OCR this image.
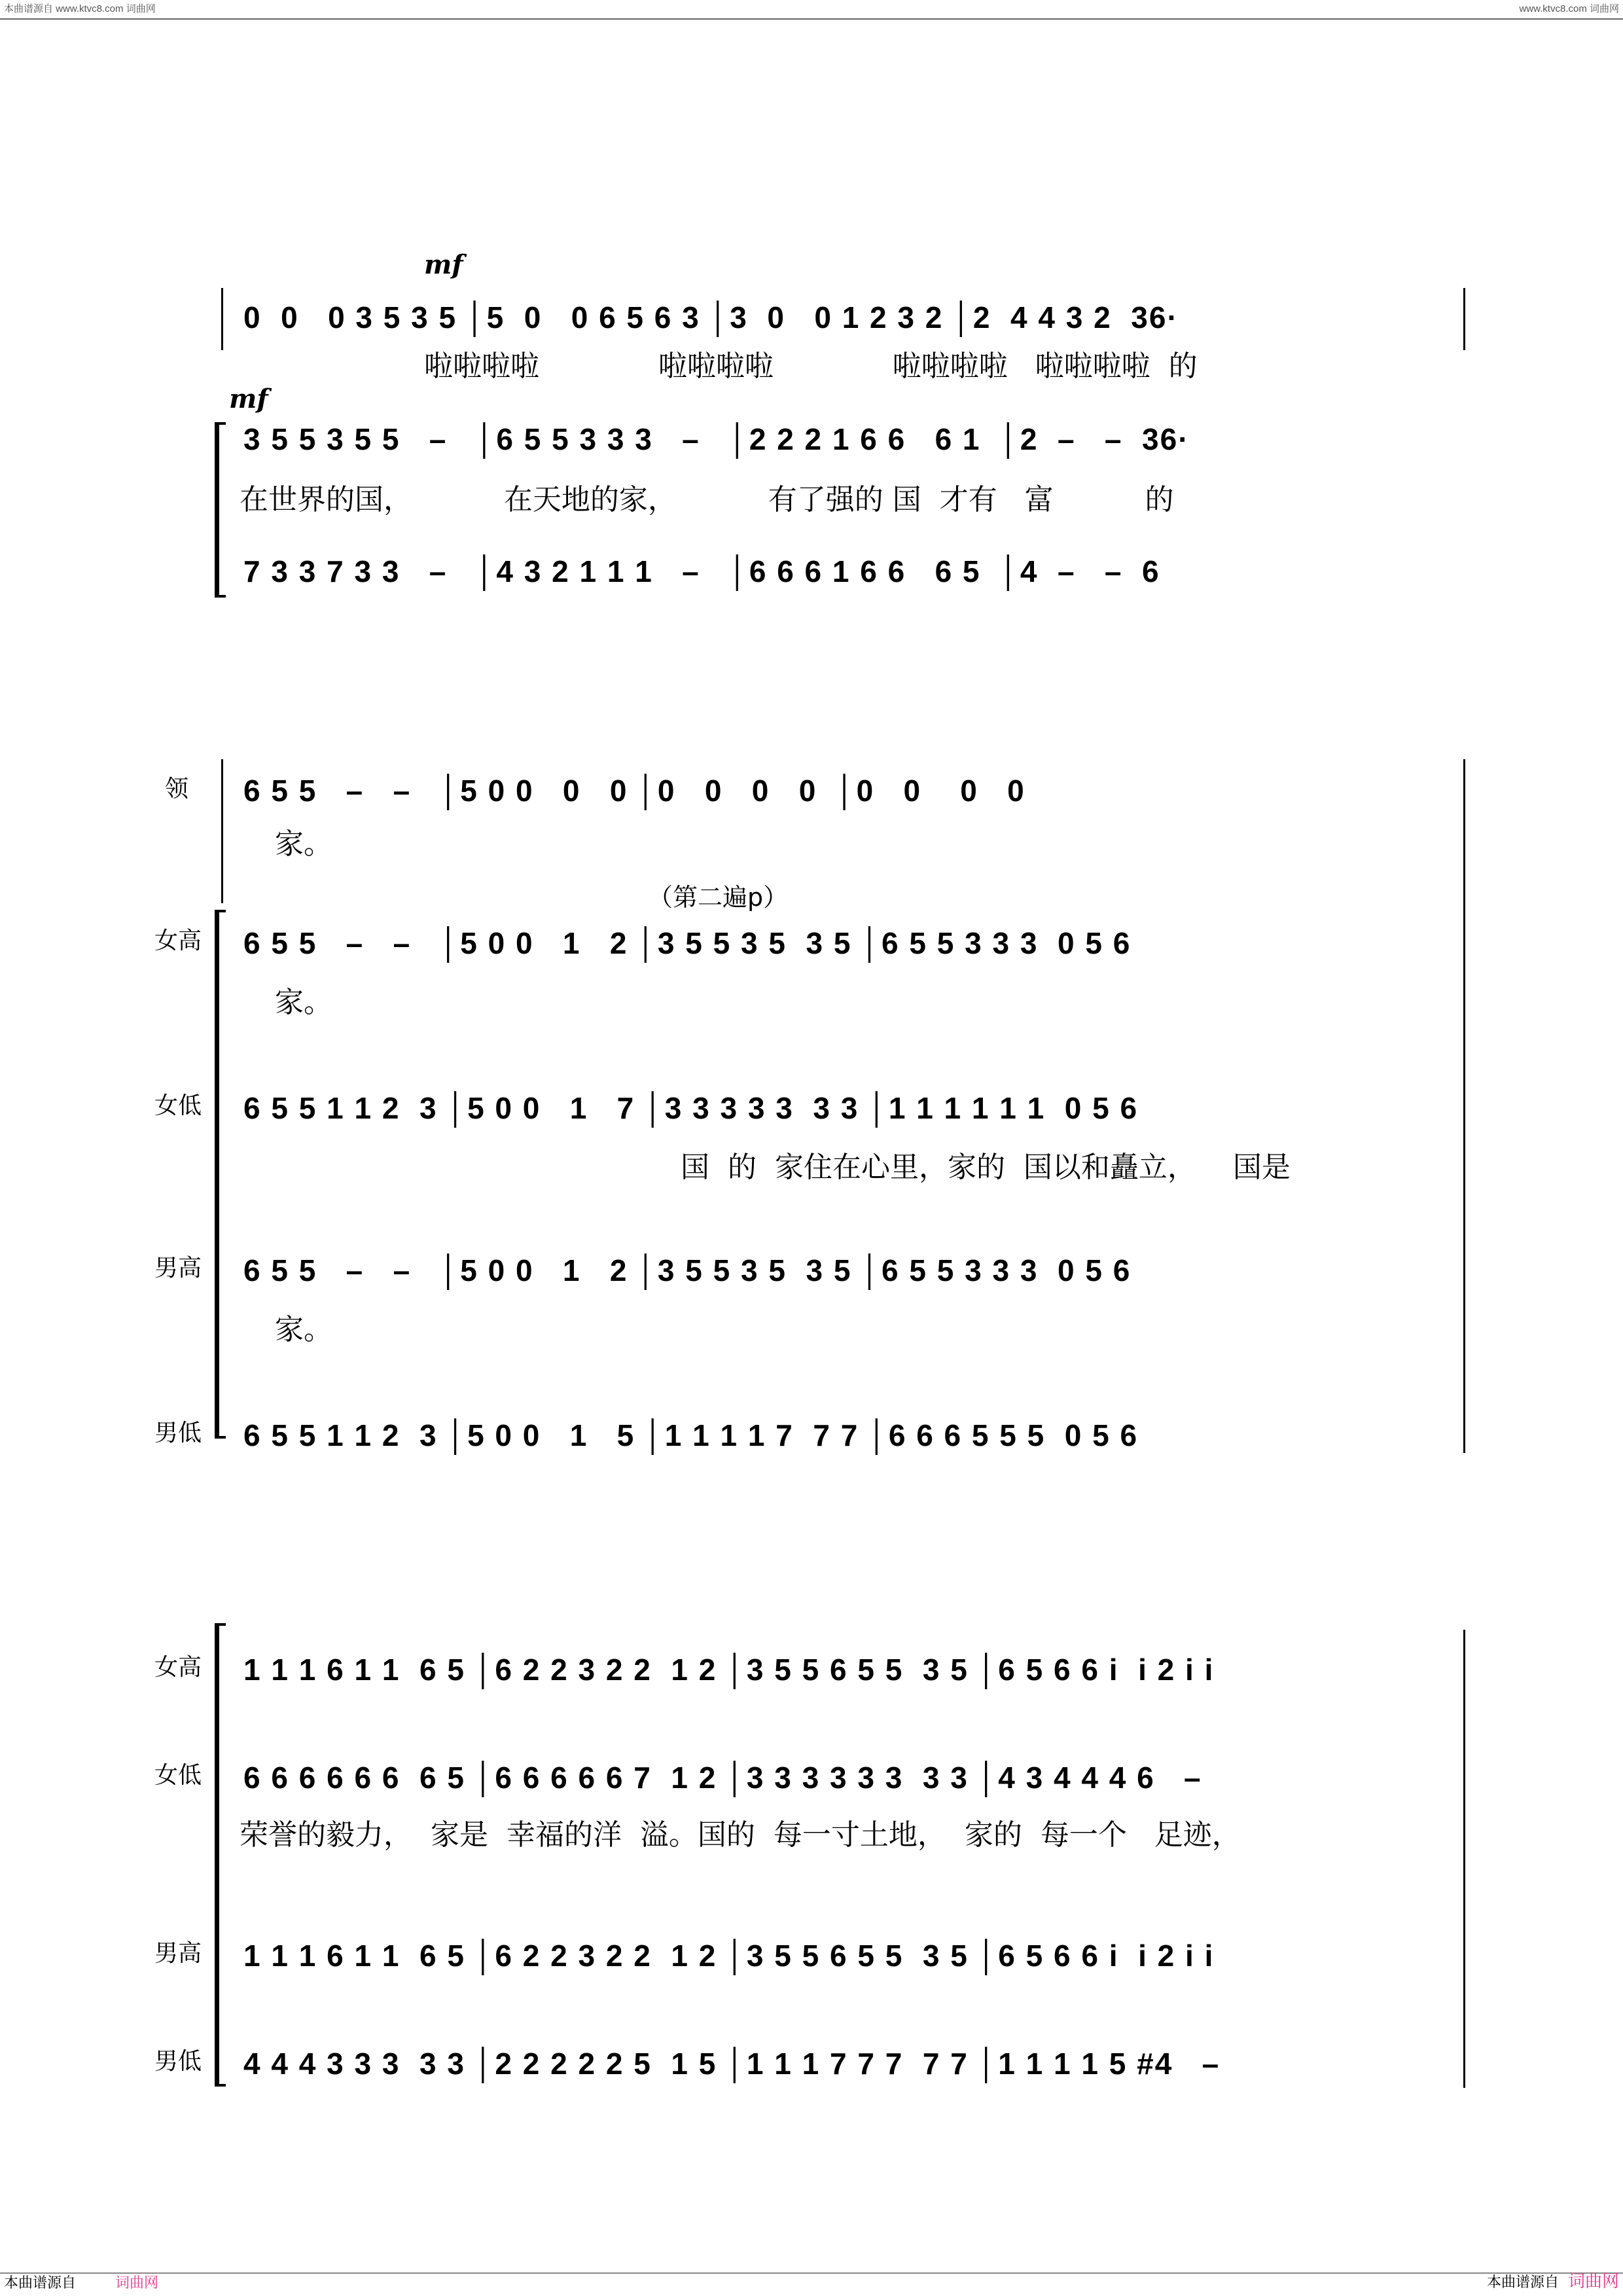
本曲谱源自 www.ktvc8.com 词曲网	www.ktvc8.com 词曲网
本曲谱源自	词曲网	本曲谱源自 词曲网
mf
0  0   0 3 5 3 5 │5  0   0 6 5 6 3 │3  0   0 1 2 3 2 │2  4 4 3 2  36·
啦啦啦啦             啦啦啦啦             啦啦啦啦   啦啦啦啦  的
mf
3 5 5 3 5 5   –   │6 5 5 3 3 3   –   │2 2 2 1 6 6   6 1  │2  –   –  36·
在世界的国，          在天地的家，          有了强的 国  才有   富          的
7 3 3 7 3 3   –   │4 3 2 1 1 1   –   │6 6 6 1 6 6   6 5  │4  –   –  6
领 6 5 5   –   –   │5 0 0   0   0 │0   0   0   0  │0   0    0   0
家。
（第二遍p）
女高 6 5 5   –   –   │5 0 0   1   2 │3 5 5 3 5  3 5 │6 5 5 3 3 3  0 5 6
家。
女低 6 5 5 1 1 2  3 │5 0 0   1   7 │3 3 3 3 3  3 3 │1 1 1 1 1 1  0 5 6
国  的  家住在心里，家的  国以和矗立，    国是
男高 6 5 5   –   –   │5 0 0   1   2 │3 5 5 3 5  3 5 │6 5 5 3 3 3  0 5 6
家。
男低 6 5 5 1 1 2  3 │5 0 0   1   5 │1 1 1 1 7  7 7 │6 6 6 5 5 5  0 5 6
女高 1 1 1 6 1 1  6 5 │6 2 2 3 2 2  1 2 │3 5 5 6 5 5  3 5 │6 5 6 6 i  i 2 i i
女低 6 6 6 6 6 6  6 5 │6 6 6 6 6 7  1 2 │3 3 3 3 3 3  3 3 │4 3 4 4 4 6   –
荣誉的毅力，  家是  幸福的洋  溢。国的  每一寸土地，  家的  每一个   足迹，
男高 1 1 1 6 1 1  6 5 │6 2 2 3 2 2  1 2 │3 5 5 6 5 5  3 5 │6 5 6 6 i  i 2 i i
男低 4 4 4 3 3 3  3 3 │2 2 2 2 2 5  1 5 │1 1 1 7 7 7  7 7 │1 1 1 1 5 #4   –
